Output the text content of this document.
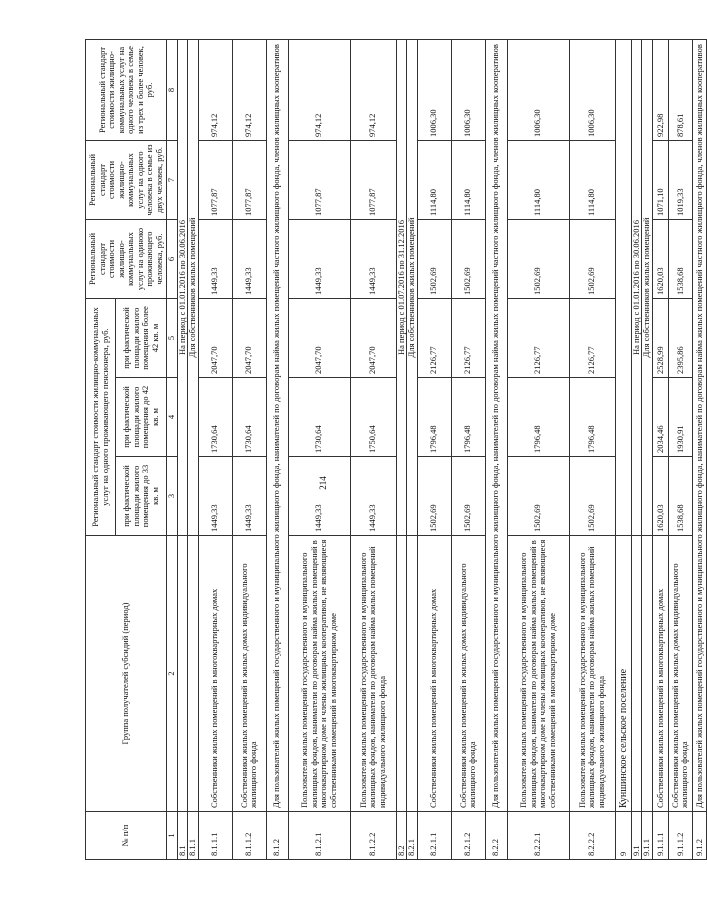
214
№ п/п	Группа получателей субсидий (период)	Региональный стандарт стоимости жилищно-коммунальных услуг на одного проживающего пенсионера, руб.			Региональный стандарт стоимости жилищно-коммунальных услуг на одиноко проживающего человека, руб.	Региональный стандарт стоимости жилищно-коммунальных услуг на одного человека в семье из двух человек, руб.	Региональный стандарт стоимости жилищно-коммунальных услуг на одного человека в семье из трех и более человек, руб.
		при фактической площади жилого помещения до 33 кв. м	при фактической площади жилого помещения до 42 кв. м	при фактической площади жилого помещения более 42 кв. м			
1	2	3	4	5	6	7	8
8.1		На период с 01.01.2016 по 30.06.2016					
8.1.1		Для собственников жилых помещений					
8.1.1.1	Собственники жилых помещений в многоквартирных домах	1449,33	1730,64	2047,70	1449,33	1077,87	974,12
8.1.1.2	Собственники жилых помещений в жилых домах индивидуального жилищного фонда	1449,33	1730,64	2047,70	1449,33	1077,87	974,12
8.1.2	Для пользователей жилых помещений государственного и муниципального жилищного фонда, нанимателей по договорам найма жилых помещений частного жилищного фонда, членов жилищных кооперативов						
8.1.2.1	Пользователи жилых помещений государственного и муниципального жилищных фондов, наниматели по договорам найма жилых помещений в многоквартирном доме и члены жилищных кооперативов, не являющиеся собственниками помещений в многоквартирном доме	1449,33	1730,64	2047,70	1449,33	1077,87	974,12
8.1.2.2	Пользователи жилых помещений государственного и муниципального жилищных фондов, наниматели по договорам найма жилых помещений индивидуального жилищного фонда	1449,33	1750,64	2047,70	1449,33	1077,87	974,12
8.2		На период с 01.07.2016 по 31.12.2016					
8.2.1		Для собственников жилых помещений					
8.2.1.1	Собственники жилых помещений в многоквартирных домах	1502,69	1796,48	2126,77	1502,69	1114,80	1006,30
8.2.1.2	Собственники жилых помещений в жилых домах индивидуального жилищного фонда	1502,69	1796,48	2126,77	1502,69	1114,80	1006,30
8.2.2	Для пользователей жилых помещений государственного и муниципального жилищного фонда, нанимателей по договорам найма жилых помещений частного жилищного фонда, членов жилищных кооперативов						
8.2.2.1	Пользователи жилых помещений государственного и муниципального жилищных фондов, наниматели по договорам найма жилых помещений в многоквартирном доме и члены жилищных кооперативов, не являющиеся собственниками помещений в многоквартирном доме	1502,69	1796,48	2126,77	1502,69	1114,80	1006,30
8.2.2.2	Пользователи жилых помещений государственного и муниципального жилищных фондов, наниматели по договорам найма жилых помещений индивидуального жилищного фонда	1502,69	1796,48	2126,77	1502,69	1114,80	1006,30
9	Куншинское сельское поселение						
9.1		На период с 01.01.2016 по 30.06.2016					
9.1.1		Для собственников жилых помещений					
9.1.1.1	Собственники жилых помещений в многоквартирных домах	1620,03	2034,46	2528,99	1620,03	1071,10	922,98
9.1.1.2	Собственники жилых помещений в жилых домах индивидуального жилищного фонда	1538,68	1930,91	2395,86	1538,68	1019,33	878,61
9.1.2	Для пользователей жилых помещений государственного и муниципального жилищного фонда, нанимателей по договорам найма жилых помещений частного жилищного фонда, членов жилищных кооперативов						
